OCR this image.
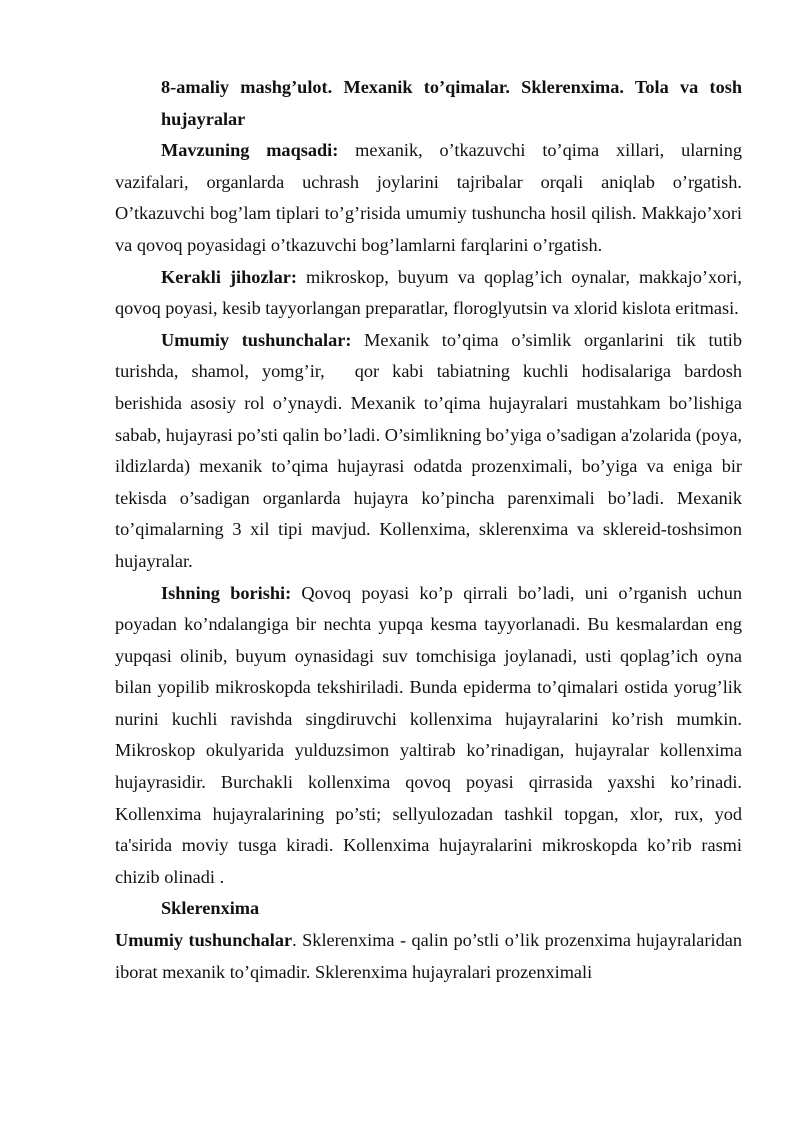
8-amaliy mashg’ulot. Mexanik to’qimalar. Sklerenxima. Tola va tosh

hujayralar

Mavzuning maqsadi: mexanik, o’tkazuvchi to’qima xillari, ularning vazifalari, organlarda uchrash joylarini tajribalar orqali aniqlab o’rgatish. O’tkazuvchi bog’lam tiplari to’g’risida umumiy tushuncha hosil qilish. Makkajo’xori va qovoq poyasidagi o’tkazuvchi bog’lamlarni farqlarini o’rgatish.

Kerakli jihozlar: mikroskop, buyum va qoplag’ich oynalar, makkajo’xori, qovoq poyasi, kesib tayyorlangan preparatlar, floroglyutsin va xlorid kislota eritmasi.

Umumiy tushunchalar: Mexanik to’qima o’simlik organlarini tik tutib turishda, shamol, yomg’ir, qor kabi tabiatning kuchli hodisalariga bardosh berishida asosiy rol o’ynaydi. Mexanik to’qima hujayralari mustahkam bo’lishiga sabab, hujayrasi po’sti qalin bo’ladi. O’simlikning bo’yiga o’sadigan a'zolarida (poya, ildizlarda) mexanik to’qima hujayrasi odatda prozenximali, bo’yiga va eniga bir tekisda o’sadigan organlarda hujayra ko’pincha parenximali bo’ladi. Mexanik to’qimalarning 3 xil tipi mavjud. Kollenxima, sklerenxima va sklereid-toshsimon hujayralar.

Ishning borishi: Qovoq poyasi ko’p qirrali bo’ladi, uni o’rganish uchun poyadan ko’ndalangiga bir nechta yupqa kesma tayyorlanadi. Bu kesmalardan eng yupqasi olinib, buyum oynasidagi suv tomchisiga joylanadi, usti qoplag’ich oyna bilan yopilib mikroskopda tekshiriladi. Bunda epiderma to’qimalari ostida yorug’lik nurini kuchli ravishda singdiruvchi kollenxima hujayralarini ko’rish mumkin. Mikroskop okulyarida yulduzsimon yaltirab ko’rinadigan, hujayralar kollenxima hujayrasidir. Burchakli kollenxima qovoq poyasi qirrasida yaxshi ko’rinadi. Kollenxima hujayralarining po’sti; sellyulozadan tashkil topgan, xlor, rux, yod ta'sirida moviy tusga kiradi. Kollenxima hujayralarini mikroskopda ko’rib rasmi chizib olinadi .

Sklerenxima

Umumiy tushunchalar. Sklerenxima - qalin po’stli o’lik prozenxima hujayralaridan iborat mexanik to’qimadir. Sklerenxima hujayralari prozenximali
